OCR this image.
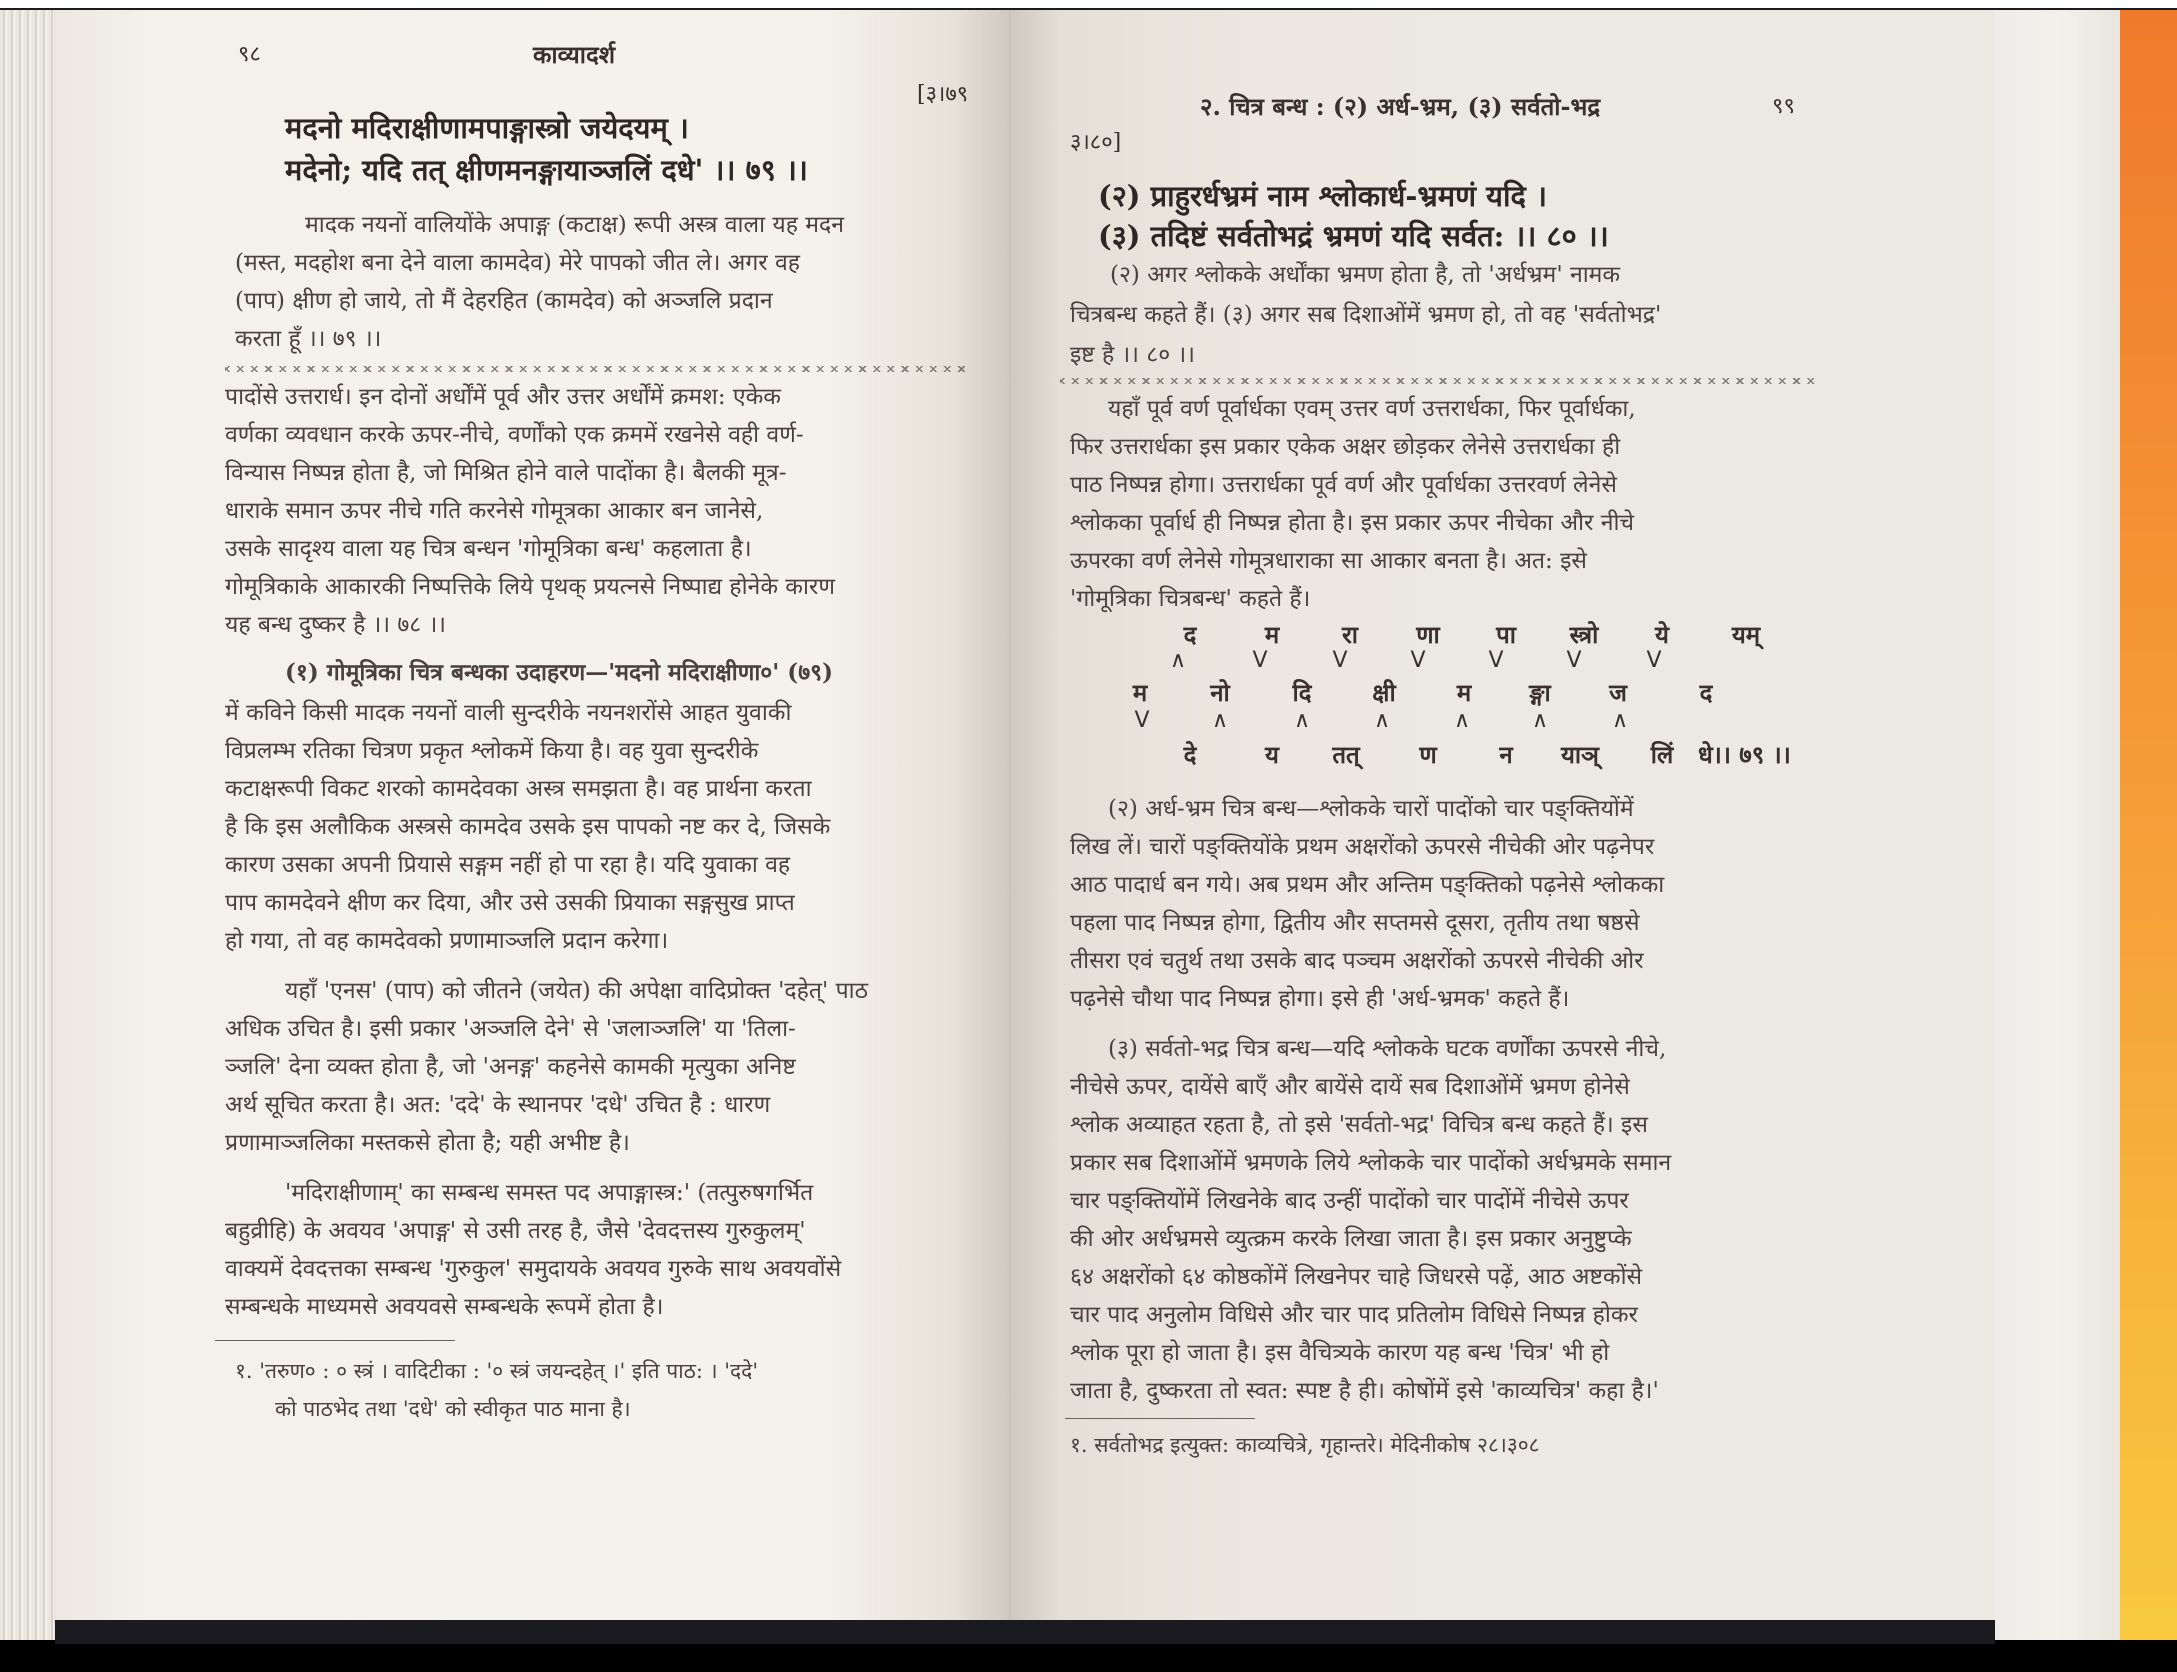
९८	काव्यादर्श
[३।७९
मदनो मदिराक्षीणामपाङ्गास्त्रो जयेदयम् ।
मदेनो; यदि तत् क्षीणमनङ्गायाञ्जलिं दधे' ।। ७९ ।।
मादक नयनों वालियोंके अपाङ्ग (कटाक्ष) रूपी अस्त्र वाला यह मदन
(मस्त, मदहोश बना देने वाला कामदेव) मेरे पापको जीत ले। अगर वह
(पाप) क्षीण हो जाये, तो मैं देहरहित (कामदेव) को अञ्जलि प्रदान
करता हूँ ।। ७९ ।।
पादोंसे उत्तरार्ध। इन दोनों अर्धोंमें पूर्व और उत्तर अर्धोंमें क्रमश: एकेक
वर्णका व्यवधान करके ऊपर-नीचे, वर्णोंको एक क्रममें रखनेसे वही वर्ण-
विन्यास निष्पन्न होता है, जो मिश्रित होने वाले पादोंका है। बैलकी मूत्र-
धाराके समान ऊपर नीचे गति करनेसे गोमूत्रका आकार बन जानेसे,
उसके सादृश्य वाला यह चित्र बन्धन 'गोमूत्रिका बन्ध' कहलाता है।
गोमूत्रिकाके आकारकी निष्पत्तिके लिये पृथक् प्रयत्नसे निष्पाद्य होनेके कारण
यह बन्ध दुष्कर है ।। ७८ ।।
(१) गोमूत्रिका चित्र बन्धका उदाहरण—'मदनो मदिराक्षीणा०' (७९)
में कविने किसी मादक नयनों वाली सुन्दरीके नयनशरोंसे आहत युवाकी
विप्रलम्भ रतिका चित्रण प्रकृत श्लोकमें किया है। वह युवा सुन्दरीके
कटाक्षरूपी विकट शरको कामदेवका अस्त्र समझता है। वह प्रार्थना करता
है कि इस अलौकिक अस्त्रसे कामदेव उसके इस पापको नष्ट कर दे, जिसके
कारण उसका अपनी प्रियासे सङ्गम नहीं हो पा रहा है। यदि युवाका वह
पाप कामदेवने क्षीण कर दिया, और उसे उसकी प्रियाका सङ्गसुख प्राप्त
हो गया, तो वह कामदेवको प्रणामाञ्जलि प्रदान करेगा।
यहाँ 'एनस' (पाप) को जीतने (जयेत) की अपेक्षा वादिप्रोक्त 'दहेत्' पाठ
अधिक उचित है। इसी प्रकार 'अञ्जलि देने' से 'जलाञ्जलि' या 'तिला-
ञ्जलि' देना व्यक्त होता है, जो 'अनङ्ग' कहनेसे कामकी मृत्युका अनिष्ट
अर्थ सूचित करता है। अत: 'ददे' के स्थानपर 'दधे' उचित है : धारण
प्रणामाञ्जलिका मस्तकसे होता है; यही अभीष्ट है।
'मदिराक्षीणाम्' का सम्बन्ध समस्त पद अपाङ्गास्त्र:' (तत्पुरुषगर्भित
बहुव्रीहि) के अवयव 'अपाङ्ग' से उसी तरह है, जैसे 'देवदत्तस्य गुरुकुलम्'
वाक्यमें देवदत्तका सम्बन्ध 'गुरुकुल' समुदायके अवयव गुरुके साथ अवयवोंसे
सम्बन्धके माध्यमसे अवयवसे सम्बन्धके रूपमें होता है।
१. 'तरुण० : ० स्त्रं । वादिटीका : '० स्त्रं जयन्दहेत् ।' इति पाठ: । 'ददे'
को पाठभेद तथा 'दधे' को स्वीकृत पाठ माना है।
३।८०]
२. चित्र बन्ध : (२) अर्ध-भ्रम, (३) सर्वतो-भद्र	९९
(२) प्राहुरर्धभ्रमं नाम श्लोकार्ध-भ्रमणं यदि ।
(३) तदिष्टं सर्वतोभद्रं भ्रमणं यदि सर्वत: ।। ८० ।।
(२) अगर श्लोकके अर्धोंका भ्रमण होता है, तो 'अर्धभ्रम' नामक
चित्रबन्ध कहते हैं। (३) अगर सब दिशाओंमें भ्रमण हो, तो वह 'सर्वतोभद्र'
इष्ट है ।। ८० ।।
यहाँ पूर्व वर्ण पूर्वार्धका एवम् उत्तर वर्ण उत्तरार्धका, फिर पूर्वार्धका,
फिर उत्तरार्धका इस प्रकार एकेक अक्षर छोड़कर लेनेसे उत्तरार्धका ही
पाठ निष्पन्न होगा। उत्तरार्धका पूर्व वर्ण और पूर्वार्धका उत्तरवर्ण लेनेसे
श्लोकका पूर्वार्ध ही निष्पन्न होता है। इस प्रकार ऊपर नीचेका और नीचे
ऊपरका वर्ण लेनेसे गोमूत्रधाराका सा आकार बनता है। अत: इसे
'गोमूत्रिका चित्रबन्ध' कहते हैं।
द	म	रा	णा	पा	स्त्रो	ये	यम्
∧	V	V	V	V	V	V
म	नो	दि	क्षी	म	ङ्गा	ज	द
V	∧	∧	∧	∧	∧	∧
दे	य	तत्	ण	न	याञ्	लिं	धे।। ७९ ।।
(२) अर्ध-भ्रम चित्र बन्ध—श्लोकके चारों पादोंको चार पङ्क्तियोंमें
लिख लें। चारों पङ्क्तियोंके प्रथम अक्षरोंको ऊपरसे नीचेकी ओर पढ़नेपर
आठ पादार्ध बन गये। अब प्रथम और अन्तिम पङ्क्तिको पढ़नेसे श्लोकका
पहला पाद निष्पन्न होगा, द्वितीय और सप्तमसे दूसरा, तृतीय तथा षष्ठसे
तीसरा एवं चतुर्थ तथा उसके बाद पञ्चम अक्षरोंको ऊपरसे नीचेकी ओर
पढ़नेसे चौथा पाद निष्पन्न होगा। इसे ही 'अर्ध-भ्रमक' कहते हैं।
(३) सर्वतो-भद्र चित्र बन्ध—यदि श्लोकके घटक वर्णोंका ऊपरसे नीचे,
नीचेसे ऊपर, दायेंसे बाएँ और बायेंसे दायें सब दिशाओंमें भ्रमण होनेसे
श्लोक अव्याहत रहता है, तो इसे 'सर्वतो-भद्र' विचित्र बन्ध कहते हैं। इस
प्रकार सब दिशाओंमें भ्रमणके लिये श्लोकके चार पादोंको अर्धभ्रमके समान
चार पङ्क्तियोंमें लिखनेके बाद उन्हीं पादोंको चार पादोंमें नीचेसे ऊपर
की ओर अर्धभ्रमसे व्युत्क्रम करके लिखा जाता है। इस प्रकार अनुष्टुप्के
६४ अक्षरोंको ६४ कोष्ठकोंमें लिखनेपर चाहे जिधरसे पढ़ें, आठ अष्टकोंसे
चार पाद अनुलोम विधिसे और चार पाद प्रतिलोम विधिसे निष्पन्न होकर
श्लोक पूरा हो जाता है। इस वैचित्र्यके कारण यह बन्ध 'चित्र' भी हो
जाता है, दुष्करता तो स्वत: स्पष्ट है ही। कोषोंमें इसे 'काव्यचित्र' कहा है।'
१. सर्वतोभद्र इत्युक्त: काव्यचित्रे, गृहान्तरे। मेदिनीकोष २८।३०८
